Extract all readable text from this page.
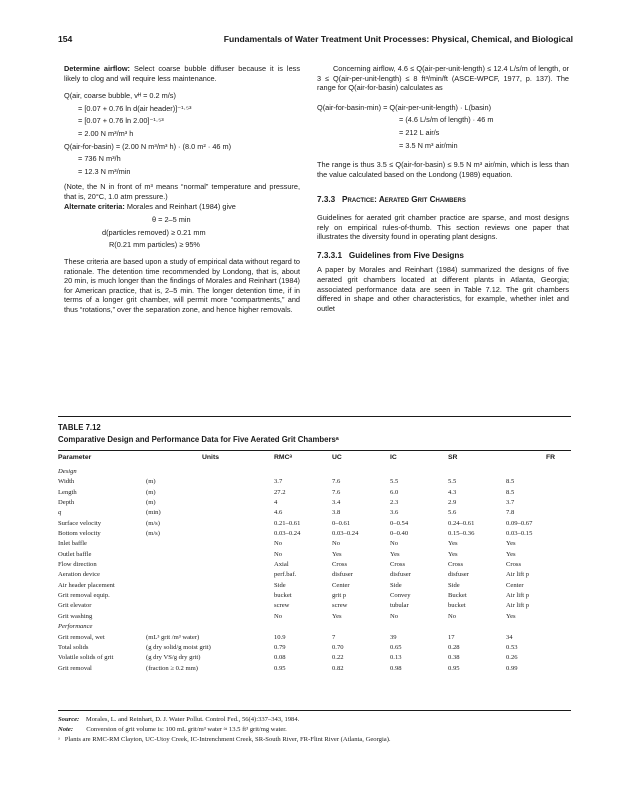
154	Fundamentals of Water Treatment Unit Processes: Physical, Chemical, and Biological

Determine airflow: Select coarse bubble diffuser because it is less likely to clog and will require less maintenance.

Q(air, coarse bubble, vᴴ = 0.2 m/s)

= [0.07 + 0.76 ln d(air header)]⁻¹·⁵³

= [0.07 + 0.76 ln 2.00]⁻¹·⁵³

= 2.00 N m³/m³ h

Q(air-for-basin) = (2.00 N m³/m³ h) · (8.0 m² · 46 m)

= 736 N m³/h

= 12.3 N m³/min

(Note, the N in front of m³ means “normal” temperature and pressure, that is, 20°C, 1.0 atm pressure.)

Alternate criteria: Morales and Reinhart (1984) give

θ = 2–5 min

d(particles removed) ≥ 0.21 mm

R(0.21 mm particles) ≥ 95%

These criteria are based upon a study of empirical data without regard to rationale. The detention time recommended by Londong, that is, about 20 min, is much longer than the findings of Morales and Reinhart (1984) for American practice, that is, 2–5 min. The longer detention time, if in terms of a longer grit chamber, will permit more “compartments,” and thus “rotations,” over the separation zone, and hence higher removals.

Concerning airflow, 4.6 ≤ Q(air-per-unit-length) ≤ 12.4 L/s/m of length, or 3 ≤ Q(air-per-unit-length) ≤ 8 ft³/min/ft (ASCE-WPCF, 1977, p. 137). The range for Q(air-for-basin) calculates as

Q(air-for-basin-min) = Q(air-per-unit-length) · L(basin)

= (4.6 L/s/m of length) · 46 m

= 212 L air/s

= 3.5 N m³ air/min

The range is thus 3.5 ≤ Q(air-for-basin) ≤ 9.5 N m³ air/min, which is less than the value calculated based on the Londong (1989) equation.

7.3.3 Practice: Aerated Grit Chambers

Guidelines for aerated grit chamber practice are sparse, and most designs rely on empirical rules-of-thumb. This section reviews one paper that illustrates the diversity found in operating plant designs.

7.3.3.1 Guidelines from Five Designs

A paper by Morales and Reinhart (1984) summarized the designs of five aerated grit chambers located at different plants in Atlanta, Georgia; associated performance data are seen in Table 7.12. The grit chambers differed in shape and other characteristics, for example, whether inlet and outlet

TABLE 7.12
Comparative Design and Performance Data for Five Aerated Grit Chambersᵃ
Parameter	Units	RMCᵃ	UC	IC	SR	FR
Design						
Width	(m)	3.7	7.6	5.5	5.5	8.5
Length	(m)	27.2	7.6	6.0	4.3	8.5
Depth	(m)	4	3.4	2.3	2.9	3.7
q	(min)	4.6	3.8	3.6	5.6	7.8
Surface velocity	(m/s)	0.21–0.61	0–0.61	0–0.54	0.24–0.61	0.09–0.67
Bottom velocity	(m/s)	0.03–0.24	0.03–0.24	0–0.40	0.15–0.36	0.03–0.15
Inlet baffle		No	No	No	Yes	Yes
Outlet baffle		No	Yes	Yes	Yes	Yes
Flow direction		Axial	Cross	Cross	Cross	Cross
Aeration device		perf.baf.	disfuser	disfuser	disfuser	Air lift p
Air header placement		Side	Center	Side	Side	Center
Grit removal equip.		bucket	grit p	Convey	Bucket	Air lift p
Grit elevator		screw	screw	tubular	bucket	Air lift p
Grit washing		No	Yes	No	No	Yes
Performance						
Grit removal, wet	(mL³ grit /m³ water)	10.9	7	39	17	34
Total solids	(g dry solid/g moist grit)	0.79	0.70	0.65	0.28	0.53
Volatile solids of grit	(g dry VS/g dry grit)	0.08	0.22	0.13	0.38	0.26
Grit removal	(fraction ≥ 0.2 mm)	0.95	0.82	0.98	0.95	0.99

Source: Morales, L. and Reinhart, D. J. Water Pollut. Control Fed., 56(4):337–343, 1984.

Note: Conversion of grit volume is: 100 mL grit/m³ water ≈ 13.5 ft³ grit/mg water.

ᵃ Plants are RMC-RM Clayton, UC-Utoy Creek, IC-Intrenchment Creek, SR-South River, FR-Flint River (Atlanta, Georgia).
